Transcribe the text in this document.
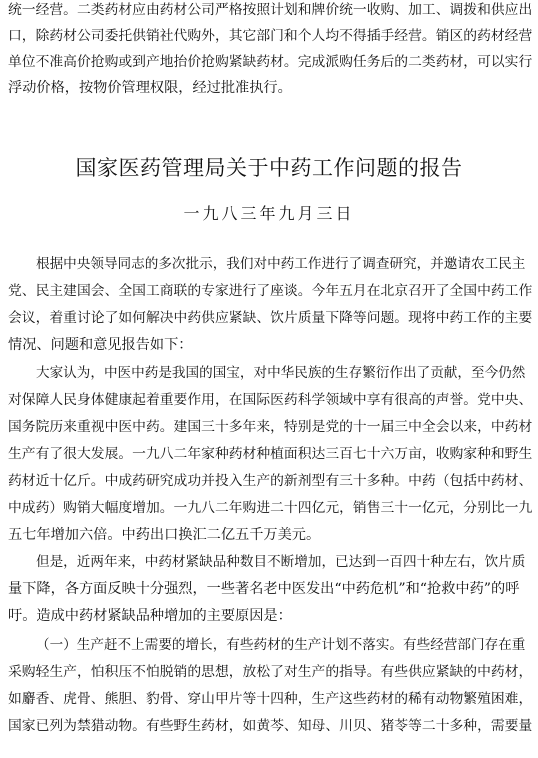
统一经营。二类药材应由药材公司严格按照计划和牌价统一收购、加工、调拨和供应出
口，除药材公司委托供销社代购外，其它部门和个人均不得插手经营。销区的药材经营
单位不准高价抢购或到产地抬价抢购紧缺药材。完成派购任务后的二类药材，可以实行
浮动价格，按物价管理权限，经过批准执行。
国家医药管理局关于中药工作问题的报告
一九八三年九月三日
根据中央领导同志的多次批示，我们对中药工作进行了调查研究，并邀请农工民主
党、民主建国会、全国工商联的专家进行了座谈。今年五月在北京召开了全国中药工作
会议，着重讨论了如何解决中药供应紧缺、饮片质量下降等问题。现将中药工作的主要
情况、问题和意见报告如下：
大家认为，中医中药是我国的国宝，对中华民族的生存繁衍作出了贡献，至今仍然
对保障人民身体健康起着重要作用，在国际医药科学领域中享有很高的声誉。党中央、
国务院历来重视中医中药。建国三十多年来，特别是党的十一届三中全会以来，中药材
生产有了很大发展。一九八二年家种药材种植面积达三百七十六万亩，收购家种和野生
药材近十亿斤。中成药研究成功并投入生产的新剂型有三十多种。中药（包括中药材、
中成药）购销大幅度增加。一九八二年购进二十四亿元，销售三十一亿元，分别比一九
五七年增加六倍。中药出口换汇二亿五千万美元。
但是，近两年来，中药材紧缺品种数目不断增加，已达到一百四十种左右，饮片质
量下降，各方面反映十分强烈，一些著名老中医发出“中药危机”和“抢救中药”的呼
吁。造成中药材紧缺品种增加的主要原因是：
（一）生产赶不上需要的增长，有些药材的生产计划不落实。有些经营部门存在重
采购轻生产，怕积压不怕脱销的思想，放松了对生产的指导。有些供应紧缺的中药材，
如麝香、虎骨、熊胆、豹骨、穿山甲片等十四种，生产这些药材的稀有动物繁殖困难，
国家已列为禁猎动物。有些野生药材，如黄芩、知母、川贝、猪苓等二十多种，需要量
